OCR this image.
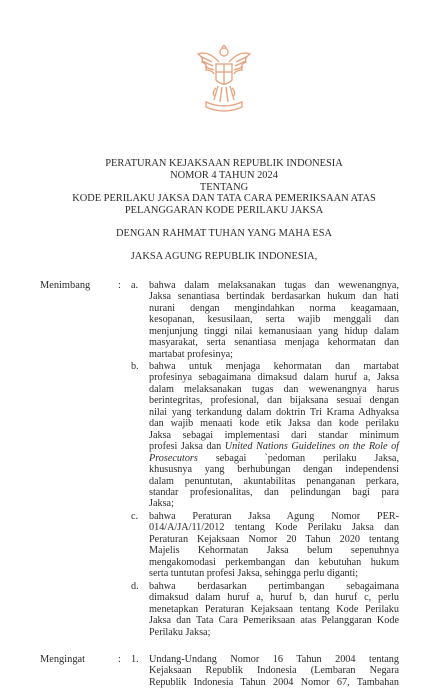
PERATURAN KEJAKSAAN REPUBLIK INDONESIA
NOMOR 4 TAHUN 2024
TENTANG
KODE PERILAKU JAKSA DAN TATA CARA PEMERIKSAAN ATAS
PELANGGARAN KODE PERILAKU JAKSA
DENGAN RAHMAT TUHAN YANG MAHA ESA
JAKSA AGUNG REPUBLIK INDONESIA,
Menimbang	: a. bahwa dalam melaksanakan tugas dan wewenangnya,
Jaksa senantiasa bertindak berdasarkan hukum dan hati
nurani dengan mengindahkan norma keagamaan,
kesopanan, kesusilaan, serta wajib menggali dan
menjunjung tinggi nilai kemanusiaan yang hidup dalam
masyarakat, serta senantiasa menjaga kehormatan dan
martabat profesinya;
b. bahwa untuk menjaga kehormatan dan martabat
profesinya sebagaimana dimaksud dalam huruf a, Jaksa
dalam melaksanakan tugas dan wewenangnya harus
berintegritas, profesional, dan bijaksana sesuai dengan
nilai yang terkandung dalam doktrin Tri Krama Adhyaksa
dan wajib menaati kode etik Jaksa dan kode perilaku
Jaksa sebagai implementasi dari standar minimum
profesi Jaksa dan United Nations Guidelines on the Role of
Prosecutors sebagai `pedoman perilaku Jaksa,
khususnya yang berhubungan dengan independensi
dalam penuntutan, akuntabilitas penanganan perkara,
standar profesionalitas, dan pelindungan bagi para
Jaksa;
c. bahwa Peraturan Jaksa Agung Nomor PER-
014/A/JA/11/2012 tentang Kode Perilaku Jaksa dan
Peraturan Kejaksaan Nomor 20 Tahun 2020 tentang
Majelis Kehormatan Jaksa belum sepenuhnya
mengakomodasi perkembangan dan kebutuhan hukum
serta tuntutan profesi Jaksa, sehingga perlu diganti;
d. bahwa berdasarkan pertimbangan sebagaimana
dimaksud dalam huruf a, huruf b, dan huruf c, perlu
menetapkan Peraturan Kejaksaan tentang Kode Perilaku
Jaksa dan Tata Cara Pemeriksaan atas Pelanggaran Kode
Perilaku Jaksa;
Mengingat	: 1. Undang-Undang Nomor 16 Tahun 2004 tentang
Kejaksaan Republik Indonesia (Lembaran Negara
Republik Indonesia Tahun 2004 Nomor 67, Tambahan
